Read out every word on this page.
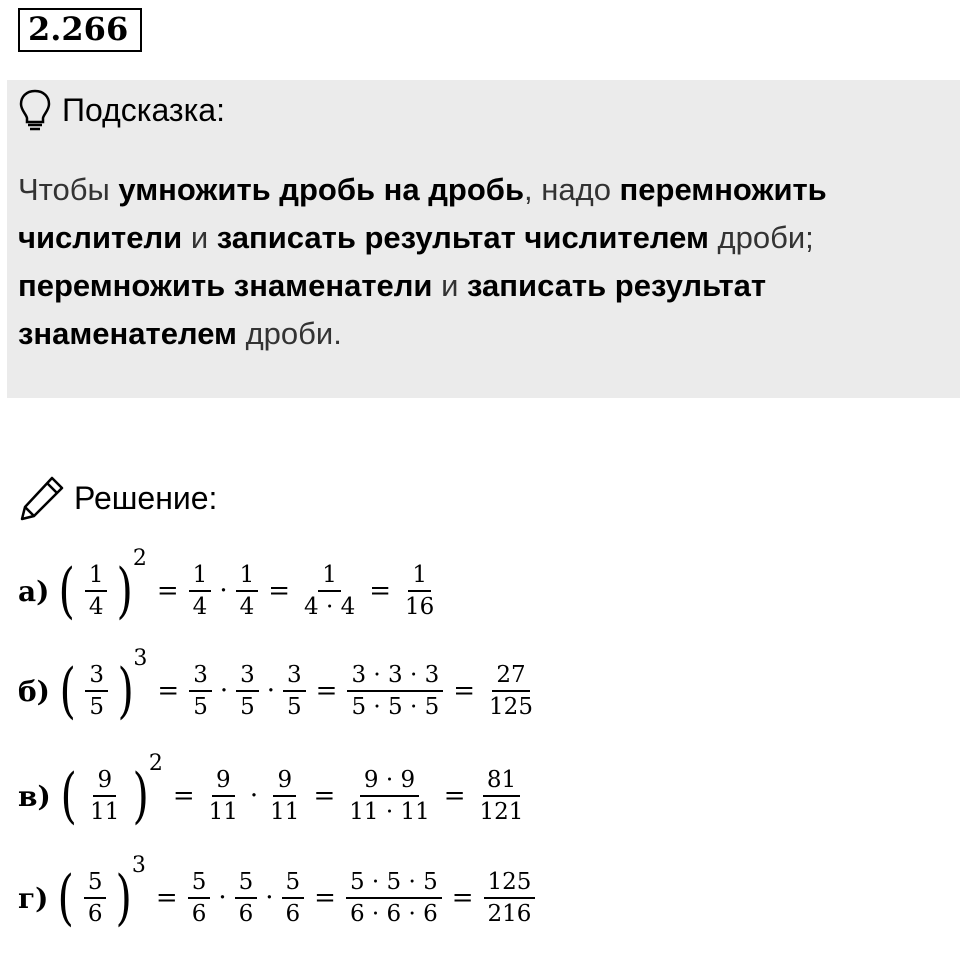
2.266
Подсказка:
Чтобы умножить дробь на дробь, надо перемножить числители и записать результат числителем дроби; перемножить знаменатели и записать результат знаменателем дроби.
Решение:
а) ( $\frac{1}{4}$ ) 2
= $\frac{1}{4} \cdot \frac{1}{4} = \frac{1}{4 \cdot 4} = \frac{1}{16}$
б) ( $\frac{3}{5}$ ) 3
= $\frac{3}{5} \cdot \frac{3}{5} \cdot \frac{3}{5} = \frac{3 \cdot 3 \cdot 3}{5 \cdot 5 \cdot 5} = \frac{27}{125}$
в) ( $\frac{9}{11}$ ) 2
= $\frac{9}{11} \cdot \frac{9}{11} = \frac{9 \cdot 9}{11 \cdot 11} = \frac{81}{121}$
г) ( $\frac{5}{6}$ ) 3
= $\frac{5}{6} \cdot \frac{5}{6} \cdot \frac{5}{6} = \frac{5 \cdot 5 \cdot 5}{6 \cdot 6 \cdot 6} = \frac{125}{216}$
